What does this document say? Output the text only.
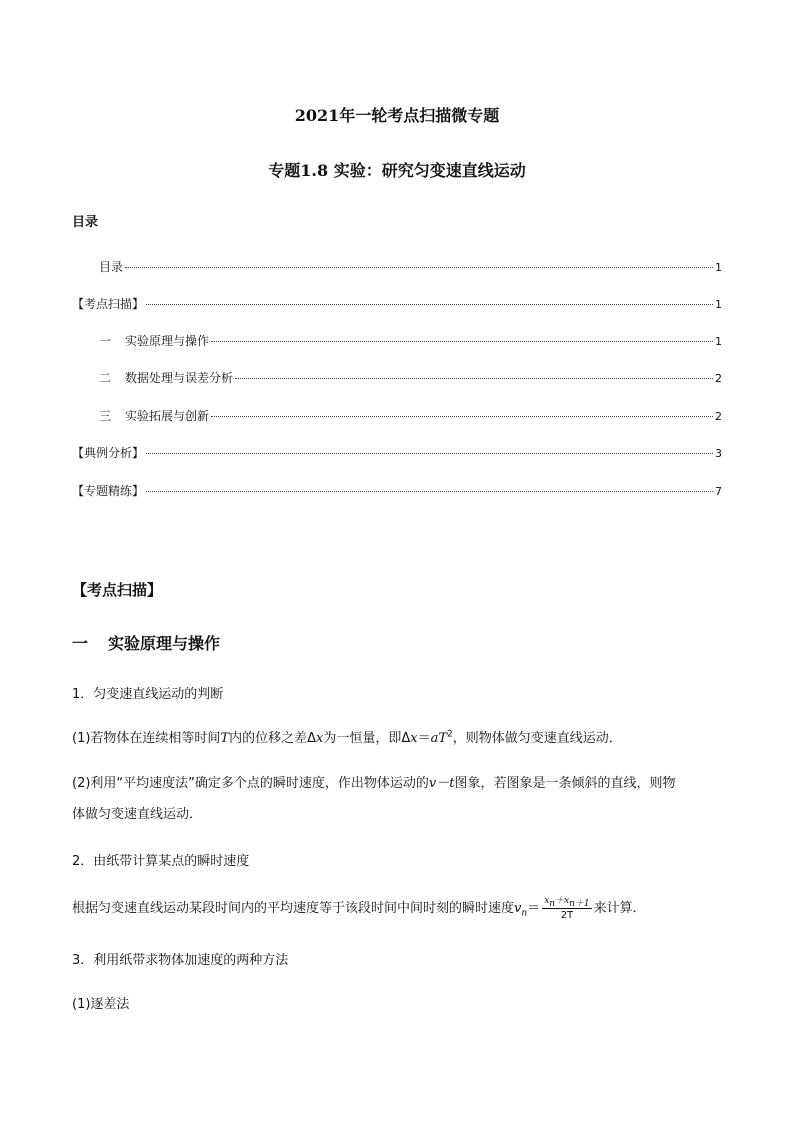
2021年一轮考点扫描微专题
专题1.8 实验：研究匀变速直线运动
目录
目录	1
【考点扫描】	1
一 实验原理与操作	1
二 数据处理与误差分析	2
三 实验拓展与创新	2
【典例分析】	3
【专题精练】	7
【考点扫描】
一 实验原理与操作
1．匀变速直线运动的判断
(1)若物体在连续相等时间T内的位移之差Δx为一恒量，即$\Delta x=aT^2$，则物体做匀变速直线运动．
(2)利用“平均速度法”确定多个点的瞬时速度，作出物体运动的v－t图象，若图象是一条倾斜的直线，则物
体做匀变速直线运动．
2．由纸带计算某点的瞬时速度
根据匀变速直线运动某段时间内的平均速度等于该段时间中间时刻的瞬时速度$v_n= \frac{x_n+x_{n+1}}{2T}$ 来计算．
3．利用纸带求物体加速度的两种方法
(1)逐差法
